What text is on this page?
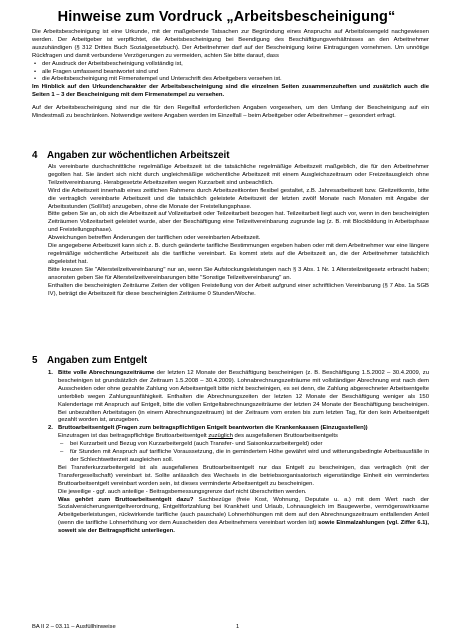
Hinweise zum Vordruck „Arbeitsbescheinigung“

Die Arbeitsbescheinigung ist eine Urkunde, mit der maßgebende Tatsachen zur Begründung eines Anspruchs auf Arbeitslosengeld nachgewiesen werden. Der Arbeitgeber ist verpflichtet, die Arbeitsbescheinigung bei Beendigung des Beschäftigungsverhältnisses an den Arbeitnehmer auszuhändigen (§ 312 Drittes Buch Sozialgesetzbuch). Der Arbeitnehmer darf auf der Bescheinigung keine Eintragungen vornehmen. Um unnötige Rückfragen und damit verbundene Verzögerungen zu vermeiden, achten Sie bitte darauf, dass

• der Ausdruck der Arbeitsbescheinigung vollständig ist,
• alle Fragen umfassend beantwortet sind und
• die Arbeitsbescheinigung mit Firmenstempel und Unterschrift des Arbeitgebers versehen ist.

Im Hinblick auf den Urkundencharakter der Arbeitsbescheinigung sind die einzelnen Seiten zusammenzuheften und zusätzlich auch die Seiten 1 – 3 der Bescheinigung mit dem Firmenstempel zu versehen.

Auf der Arbeitsbescheinigung sind nur die für den Regelfall erforderlichen Angaben vorgesehen, um den Umfang der Bescheinigung auf ein Mindestmaß zu beschränken. Notwendige weitere Angaben werden im Einzelfall – beim Arbeitgeber oder Arbeitnehmer – gesondert erfragt.

4 Angaben zur wöchentlichen Arbeitszeit

Als vereinbarte durchschnittliche regelmäßige Arbeitszeit ist die tatsächliche regelmäßige Arbeitszeit maßgeblich, die für den Arbeitnehmer gegolten hat. Sie ändert sich nicht durch ungleichmäßige wöchentliche Arbeitszeit mit einem Ausgleichszeitraum oder Freizeitausgleich ohne Teilzeitvereinbarung. Herabgesetzte Arbeitszeiten wegen Kurzarbeit sind unbeachtlich.

Wird die Arbeitszeit innerhalb eines zeitlichen Rahmens durch Arbeitszeitkonten flexibel gestaltet, z.B. Jahresarbeitszeit bzw. Gleitzeitkonto, bitte die vertraglich vereinbarte Arbeitszeit und die tatsächlich geleistete Arbeitszeit der letzten zwölf Monate nach Monaten mit Angabe der Arbeitsstunden (Soll/Ist) anzugeben, ohne die Monate der Freistellungsphase.

Bitte geben Sie an, ob sich die Arbeitszeit auf Vollzeitarbeit oder Teilzeitarbeit bezogen hat. Teilzeitarbeit liegt auch vor, wenn in den bescheinigten Zeiträumen Vollzeitarbeit geleistet wurde, aber der Beschäftigung eine Teilzeitvereinbarung zugrunde lag (z. B. mit Blockbildung in Arbeitsphase und Freistellungsphase).

Abweichungen betreffen Änderungen der tariflichen oder vereinbarten Arbeitszeit.

Die angegebene Arbeitszeit kann sich z. B. durch geänderte tarifliche Bestimmungen ergeben haben oder mit dem Arbeitnehmer war eine längere regelmäßige wöchentliche Arbeitszeit als die tarifliche vereinbart. Es kommt stets auf die Arbeitszeit an, die der Arbeitnehmer tatsächlich abgeleistet hat.

Bitte kreuzen Sie "Altersteilzeitvereinbarung" nur an, wenn Sie Aufstockungsleistungen nach § 3 Abs. 1 Nr. 1 Altersteilzeitgesetz erbracht haben; ansonsten geben Sie für Altersteilzeitvereinbarungen bitte "Sonstige Teilzeitvereinbarung" an.

Enthalten die bescheinigten Zeiträume Zeiten der völligen Freistellung von der Arbeit aufgrund einer schriftlichen Vereinbarung (§ 7 Abs. 1a SGB IV), beträgt die Arbeitszeit für diese bescheinigten Zeiträume 0 Stunden/Woche.

5 Angaben zum Entgelt
1. Bitte volle Abrechnungszeiträume der letzten 12 Monate der Beschäftigung bescheinigen (z. B. Beschäftigung 1.5.2002 – 30.4.2009, zu bescheinigen ist grundsätzlich der Zeitraum 1.5.2008 – 30.4.2009). Lohnabrechnungszeiträume mit vollständiger Abrechnung erst nach dem Ausscheiden oder ohne gezahlte Zahlung von Arbeitsentgelt bitte nicht bescheinigen, es sei denn, die Zahlung abgerechneter Arbeitsentgelte unterblieb wegen Zahlungsunfähigkeit. Enthalten die Abrechnungszeiten der letzten 12 Monate der Beschäftigung weniger als 150 Kalendertage mit Anspruch auf Entgelt, bitte die vollen Entgeltabrechnungszeiträume der letzten 24 Monate der Beschäftigung bescheinigen. Bei unbezahlten Arbeitstagen (in einem Abrechnungszeitraum) ist der Zeitraum vom ersten bis zum letzten Tag, für den kein Arbeitsentgelt gezahlt worden ist, anzugeben.

2. Bruttoarbeitsentgelt (Fragen zum beitragspflichtigen Entgelt beantworten die Krankenkassen (Einzugsstellen))

Einzutragen ist das beitragspflichtige Bruttoarbeitsentgelt zuzüglich des ausgefallenen Bruttoarbeitsentgelts

– bei Kurzarbeit und Bezug von Kurzarbeitergeld (auch Transfer- und Saisonkurzarbeitergeld) oder
– für Stunden mit Anspruch auf tarifliche Voraussetzung, die in gemindertem Höhe gewährt wird und witterungsbedingte Arbeitsausfälle in der Schlechtwetterzeit ausgleichen soll.

Bei Transferkurzarbeitergeld ist als ausgefallenes Bruttoarbeitsentgelt nur das Entgelt zu bescheinigen, das vertraglich (mit der Transfergesellschaft) vereinbart ist. Sollte anlässlich des Wechsels in die betriebsorganisatorisch eigenständige Einheit ein vermindertes Bruttoarbeitsentgelt vereinbart worden sein, ist dieses verminderte Arbeitsentgelt zu bescheinigen.

Die jeweilige - ggf. auch anteilige - Beitragsbemessungsgrenze darf nicht überschritten werden.

Was gehört zum Bruttoarbeitsentgelt dazu? Sachbezüge (freie Kost, Wohnung, Deputate u. a.) mit dem Wert nach der Sozialversicherungsentgeltverordnung, Entgeltfortzahlung bei Krankheit und Urlaub, Lohnausgleich im Baugewerbe, vermögenswirksame Arbeitgeberleistungen, rückwirkende tarifliche (auch pauschale) Lohnerhöhungen mit dem auf den Abrechnungszeitraum entfallenden Anteil (wenn die tarifliche Lohnerhöhung vor dem Ausscheiden des Arbeitnehmers vereinbart worden ist) sowie Einmalzahlungen (vgl. Ziffer 6.1), soweit sie der Beitragspflicht unterliegen.

BA II 2 – 03.11 – Ausfüllhinweise	1
